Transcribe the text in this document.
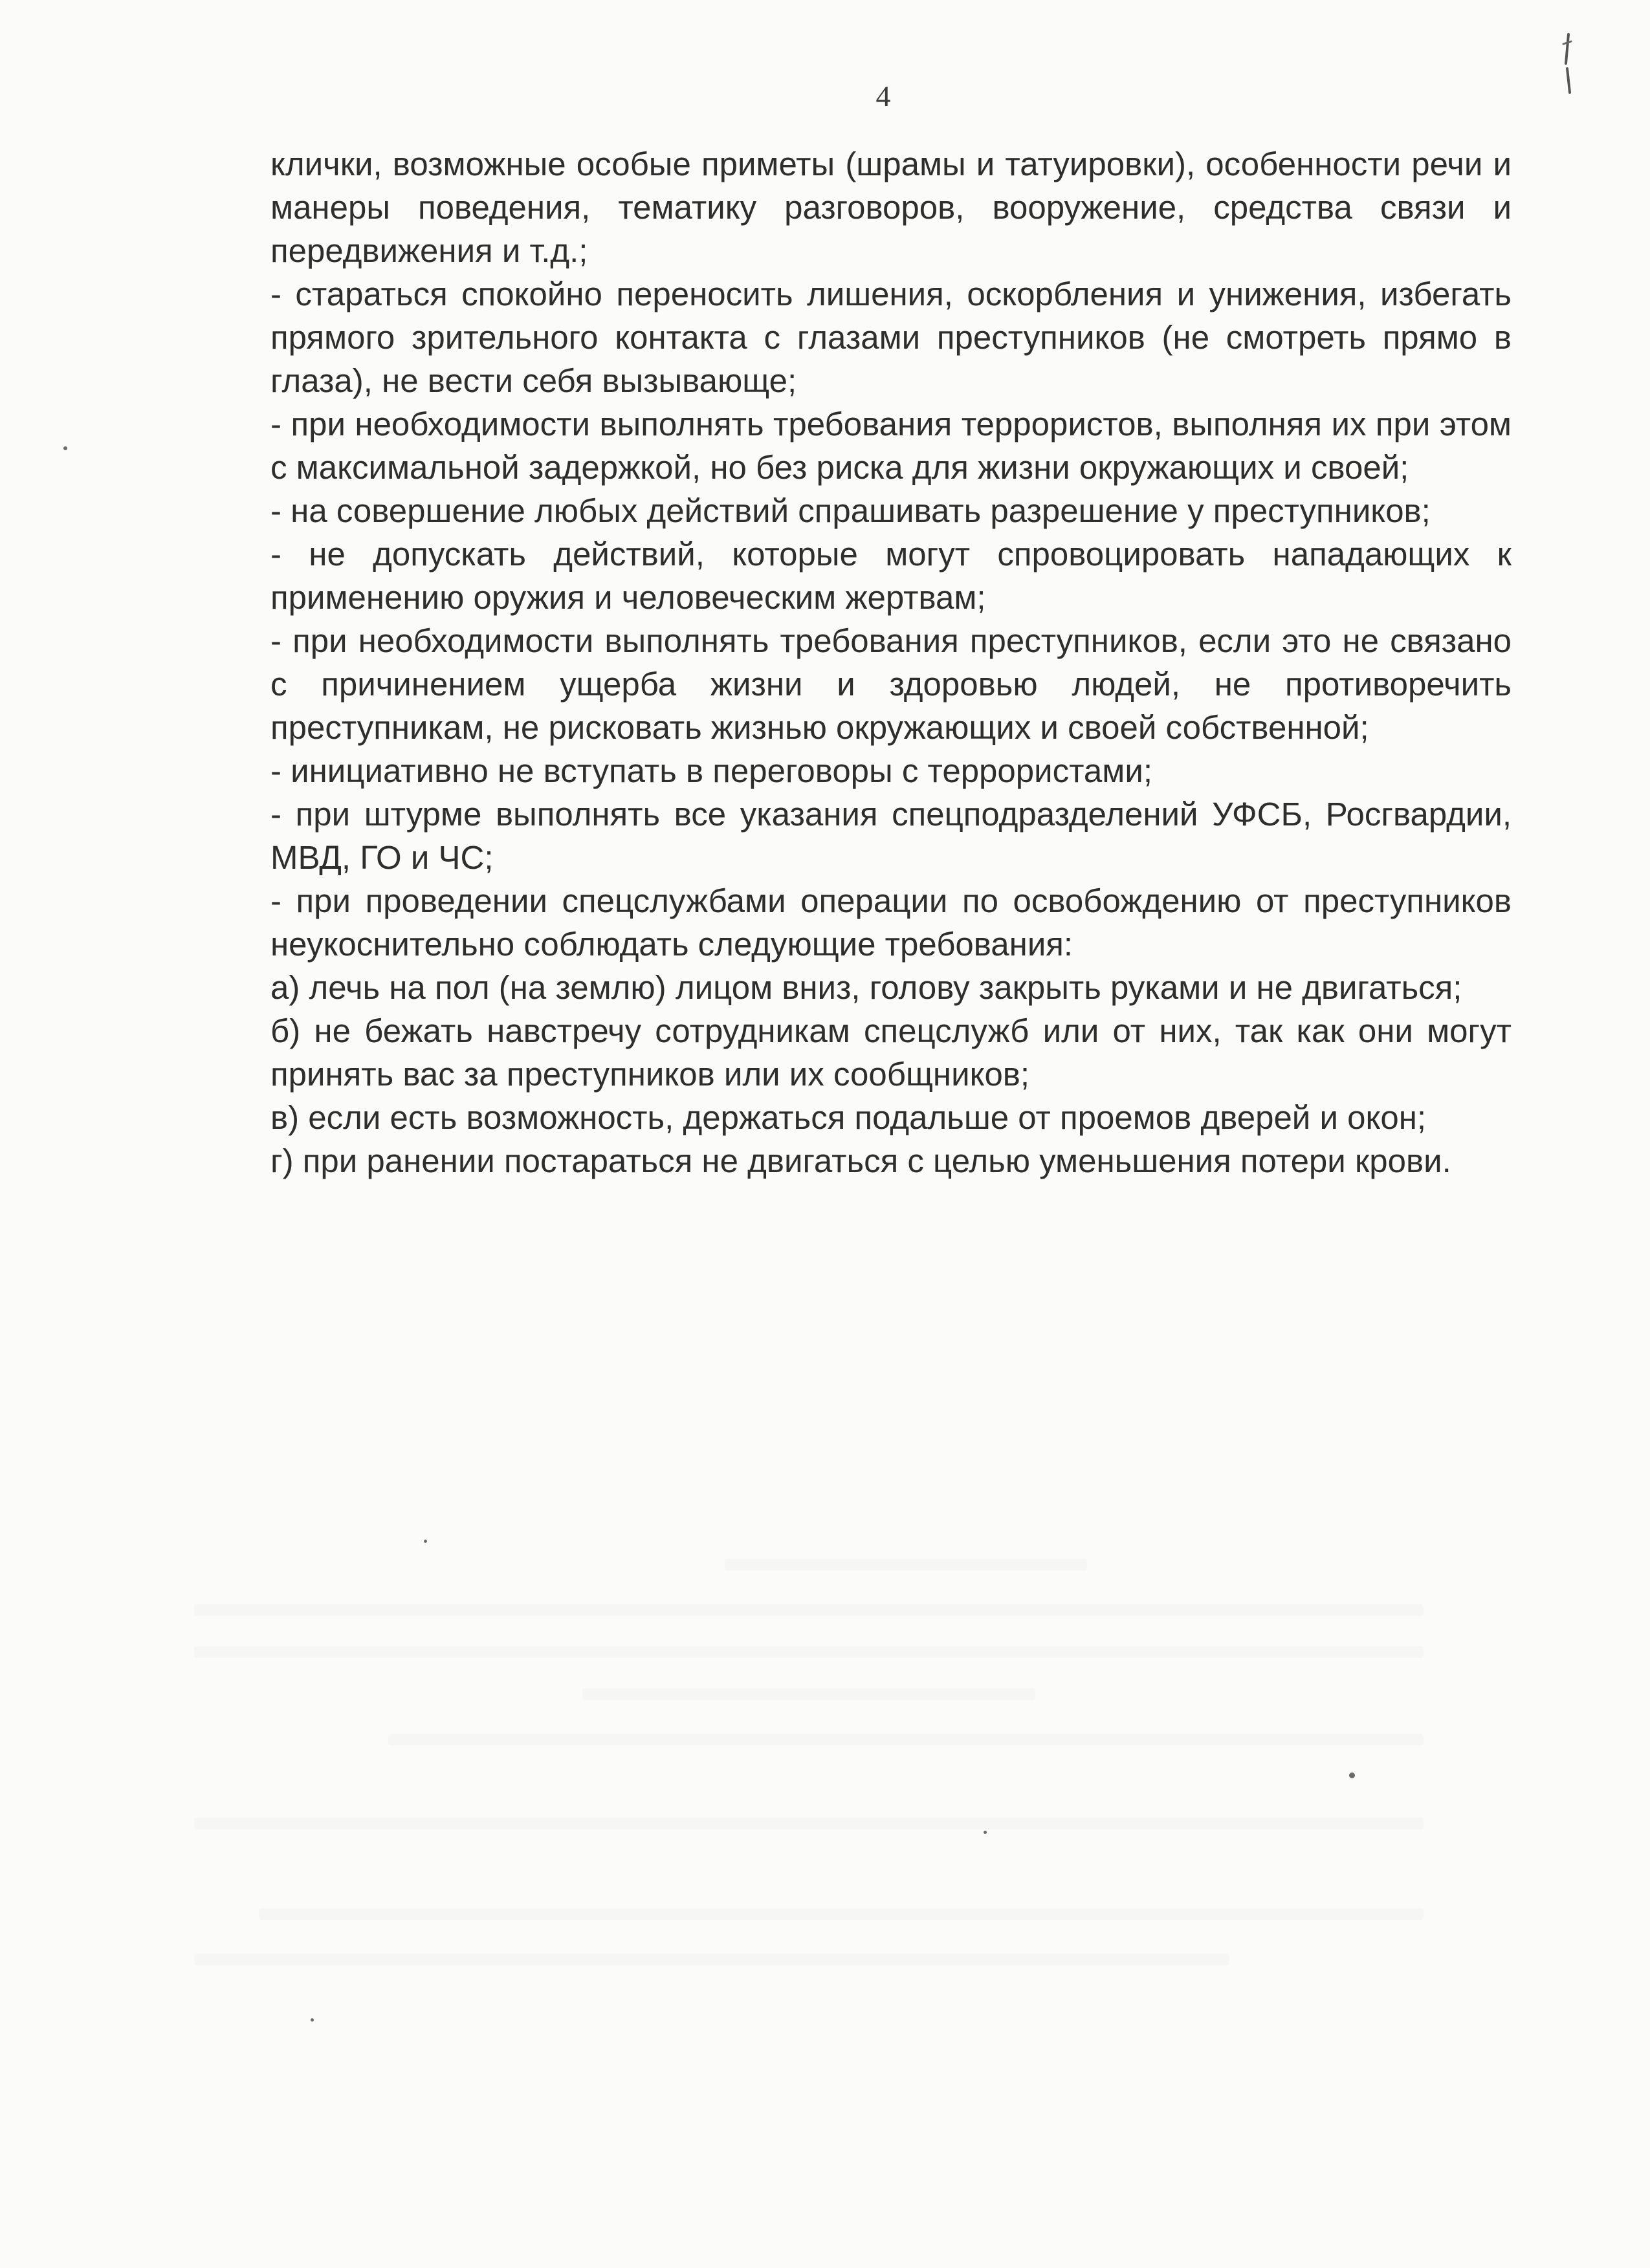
4
клички, возможные особые приметы (шрамы и татуировки), особенности речи и манеры поведения, тематику разговоров, вооружение, средства связи и передвижения и т.д.;
- стараться спокойно переносить лишения, оскорбления и унижения, избегать прямого зрительного контакта с глазами преступников (не смотреть прямо в глаза), не вести себя вызывающе;
- при необходимости выполнять требования террористов, выполняя их при этом с максимальной задержкой, но без риска для жизни окружающих и своей;
- на совершение любых действий спрашивать разрешение у преступников;
- не допускать действий, которые могут спровоцировать нападающих к применению оружия и человеческим жертвам;
- при необходимости выполнять требования преступников, если это не связано с причинением ущерба жизни и здоровью людей, не противоречить преступникам, не рисковать жизнью окружающих и своей собственной;
- инициативно не вступать в переговоры с террористами;
- при штурме выполнять все указания спецподразделений УФСБ, Росгвардии, МВД, ГО и ЧС;
- при проведении спецслужбами операции по освобождению от преступников неукоснительно соблюдать следующие требования:
а) лечь на пол (на землю) лицом вниз, голову закрыть руками и не двигаться;
б) не бежать навстречу сотрудникам спецслужб или от них, так как они могут принять вас за преступников или их сообщников;
в) если есть возможность, держаться подальше от проемов дверей и окон;
г) при ранении постараться не двигаться с целью уменьшения потери крови.
